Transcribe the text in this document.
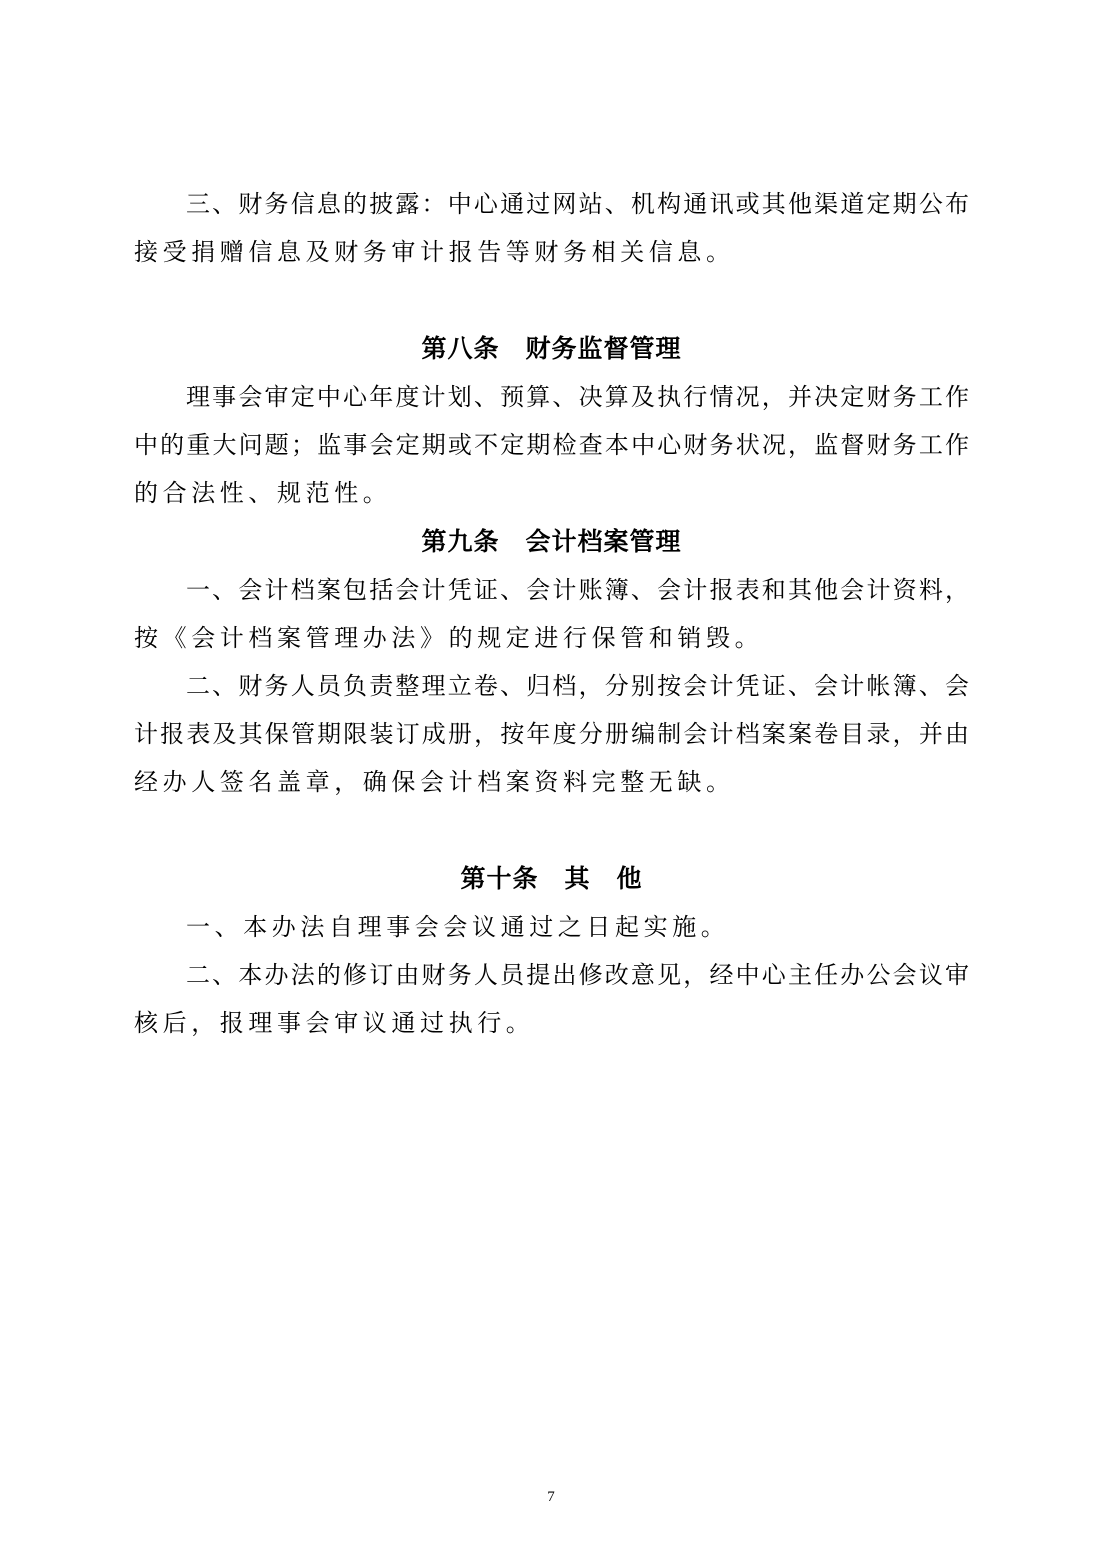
三、财务信息的披露：中心通过网站、机构通讯或其他渠道定期公布
接受捐赠信息及财务审计报告等财务相关信息。
第八条　财务监督管理
理事会审定中心年度计划、预算、决算及执行情况，并决定财务工作
中的重大问题；监事会定期或不定期检查本中心财务状况，监督财务工作
的合法性、规范性。
第九条　会计档案管理
一、会计档案包括会计凭证、会计账簿、会计报表和其他会计资料，
按《会计档案管理办法》的规定进行保管和销毁。
二、财务人员负责整理立卷、归档，分别按会计凭证、会计帐簿、会
计报表及其保管期限装订成册，按年度分册编制会计档案案卷目录，并由
经办人签名盖章，确保会计档案资料完整无缺。
第十条　其　他
一、本办法自理事会会议通过之日起实施。
二、本办法的修订由财务人员提出修改意见，经中心主任办公会议审
核后，报理事会审议通过执行。
7
